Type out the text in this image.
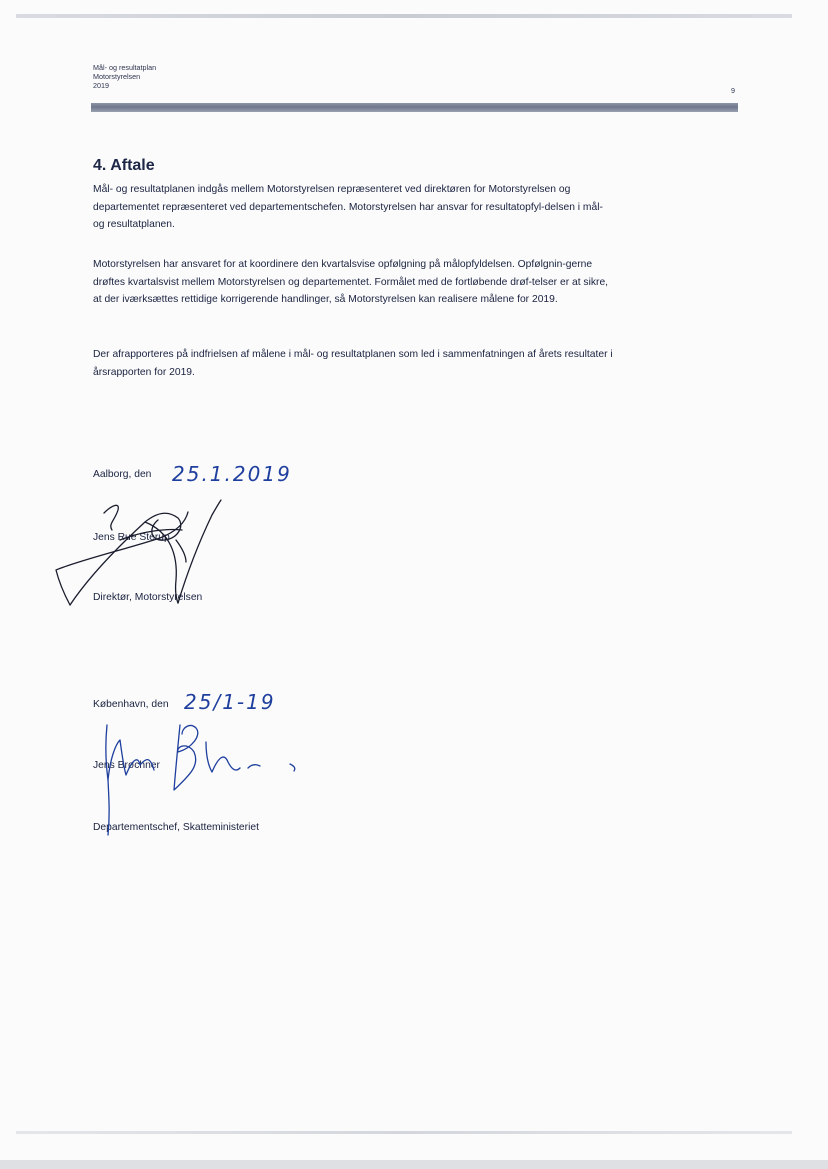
Mål- og resultatplan
Motorstyrelsen
2019
9
4. Aftale
Mål- og resultatplanen indgås mellem Motorstyrelsen repræsenteret ved direktøren for Motorstyrelsen og departementet repræsenteret ved departementschefen. Motorstyrelsen har ansvar for resultatopfyl-delsen i mål- og resultatplanen.
Motorstyrelsen har ansvaret for at koordinere den kvartalsvise opfølgning på målopfyldelsen. Opfølgnin-gerne drøftes kvartalsvist mellem Motorstyrelsen og departementet. Formålet med de fortløbende drøf-telser er at sikre, at der iværksættes rettidige korrigerende handlinger, så Motorstyrelsen kan realisere målene for 2019.
Der afrapporteres på indfrielsen af målene i mål- og resultatplanen som led i sammenfatningen af årets resultater i årsrapporten for 2019.
Aalborg, den 25.1.2019
Jens Rue Sterup
Direktør, Motorstyrelsen
København, den 25/1-19
Jens Brøchner
Departementschef, Skatteministeriet
